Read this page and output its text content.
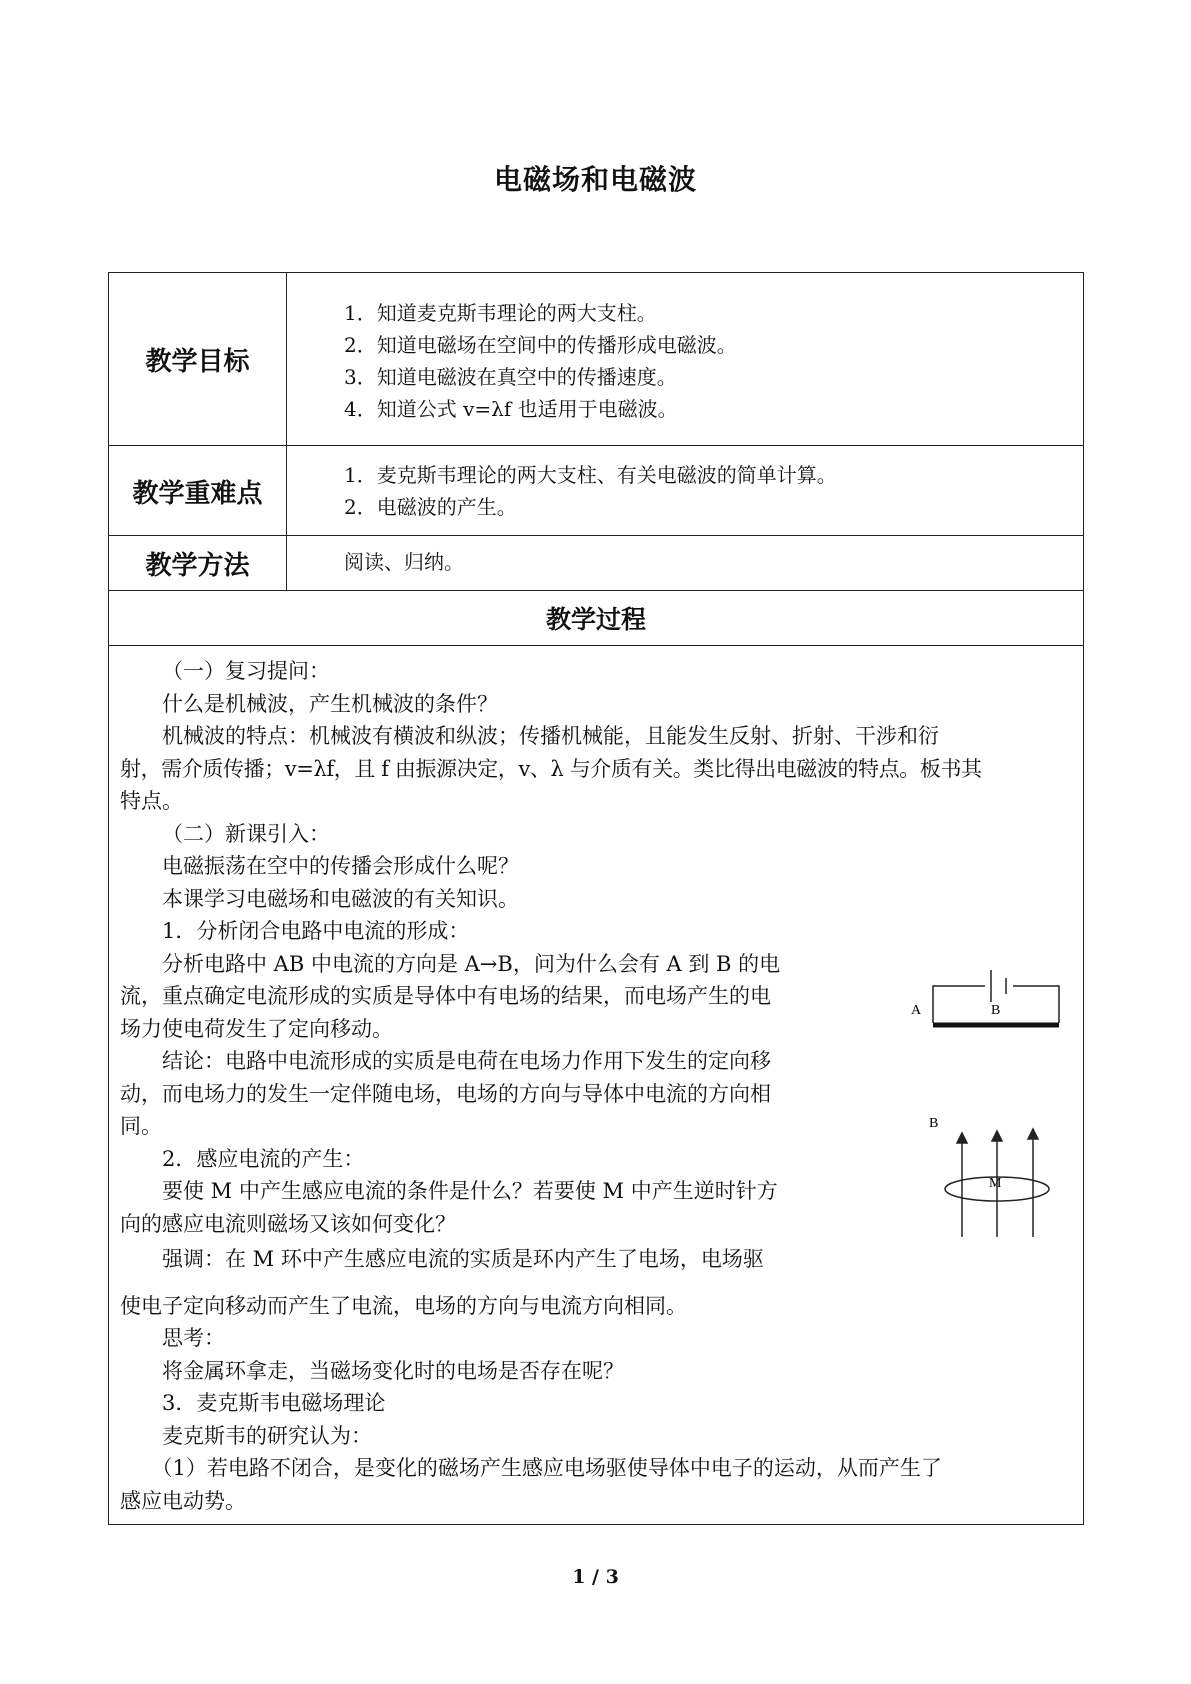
电磁场和电磁波
教学目标
1．知道麦克斯韦理论的两大支柱。
2．知道电磁场在空间中的传播形成电磁波。
3．知道电磁波在真空中的传播速度。
4．知道公式 v=λf 也适用于电磁波。
教学重难点
1．麦克斯韦理论的两大支柱、有关电磁波的简单计算。
2．电磁波的产生。
教学方法	阅读、归纳。
教学过程
（一）复习提问：
什么是机械波，产生机械波的条件？
机械波的特点：机械波有横波和纵波；传播机械能，且能发生反射、折射、干涉和衍
射，需介质传播；v=λf，且 f 由振源决定，v、λ 与介质有关。类比得出电磁波的特点。板书其
特点。
（二）新课引入：
电磁振荡在空中的传播会形成什么呢？
本课学习电磁场和电磁波的有关知识。
1．分析闭合电路中电流的形成：
分析电路中 AB 中电流的方向是 A→B，问为什么会有 A 到 B 的电
流，重点确定电流形成的实质是导体中有电场的结果，而电场产生的电
场力使电荷发生了定向移动。
结论：电路中电流形成的实质是电荷在电场力作用下发生的定向移
动，而电场力的发生一定伴随电场，电场的方向与导体中电流的方向相
同。
2．感应电流的产生：
要使 M 中产生感应电流的条件是什么？若要使 M 中产生逆时针方
向的感应电流则磁场又该如何变化？
强调：在 M 环中产生感应电流的实质是环内产生了电场，电场驱
使电子定向移动而产生了电流，电场的方向与电流方向相同。
思考：
将金属环拿走，当磁场变化时的电场是否存在呢？
3．麦克斯韦电磁场理论
麦克斯韦的研究认为：
（1）若电路不闭合，是变化的磁场产生感应电场驱使导体中电子的运动，从而产生了
感应电动势。
A	B
B
M
1 / 3
